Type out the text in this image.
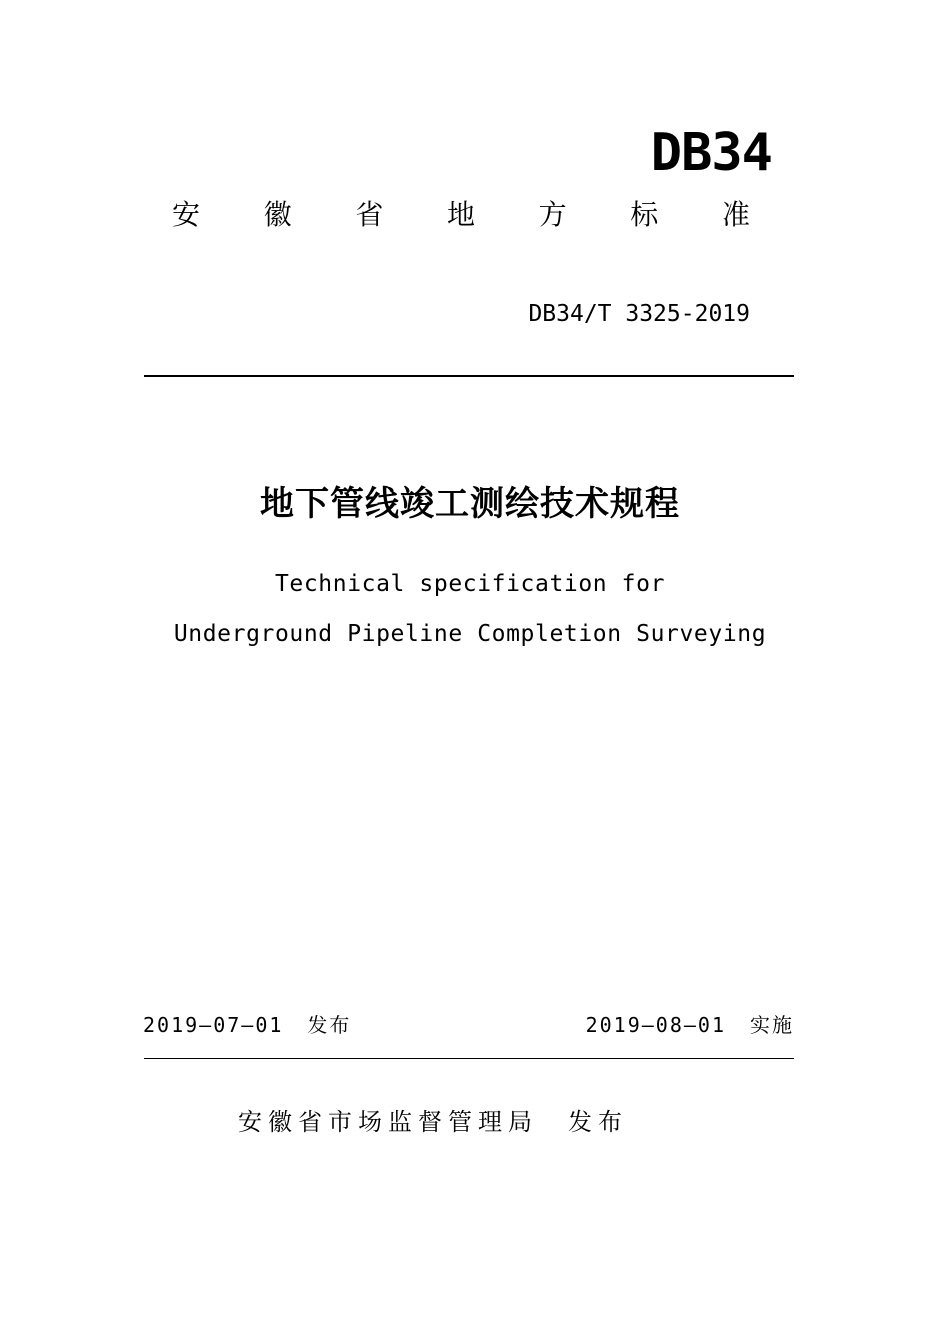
DB34
安	徽	省	地	方	标	准
DB34/T 3325-2019
地下管线竣工测绘技术规程
Technical specification for
Underground Pipeline Completion Surveying
2019—07—01 发布	2019—08—01 实施
安徽省市场监督管理局 发布
